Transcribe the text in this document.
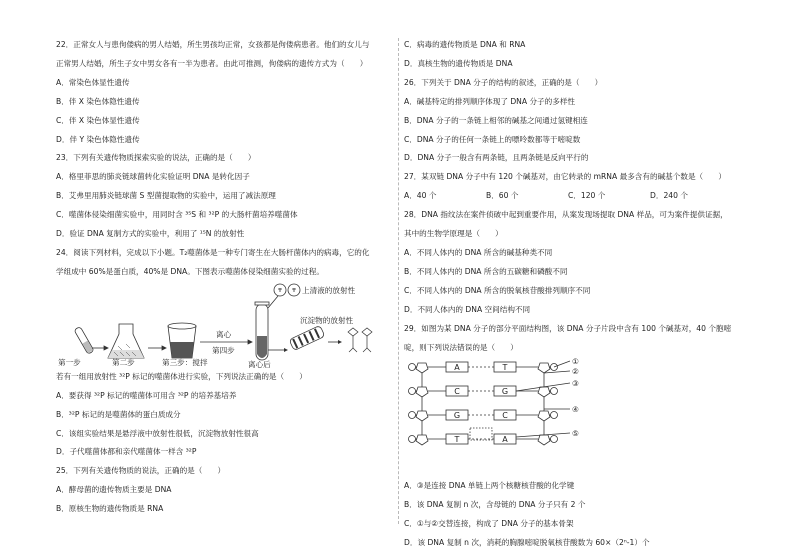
22．正常女人与患佝偻病的男人结婚，所生男孩均正常，女孩都是佝偻病患者。他们的女儿与
正常男人结婚，所生子女中男女各有一半为患者。由此可推测，佝偻病的遗传方式为（　　）
A．常染色体显性遗传
B．伴 X 染色体隐性遗传
C．伴 X 染色体显性遗传
D．伴 Y 染色体隐性遗传
23．下列有关遗传物质探索实验的说法，正确的是（　　）
A．格里菲思的肺炎链球菌转化实验证明 DNA 是转化因子
B．艾弗里用肺炎链球菌 S 型菌提取物的实验中，运用了减法原理
C．噬菌体侵染细菌实验中，用同时含 ³⁵S 和 ³²P 的大肠杆菌培养噬菌体
D．验证 DNA 复制方式的实验中，利用了 ¹⁵N 的放射性
24．阅读下列材料，完成以下小题。T₂噬菌体是一种专门寄生在大肠杆菌体内的病毒，它的化
学组成中 60%是蛋白质，40%是 DNA。下图表示噬菌体侵染细菌实验的过程。
第一步	第二步	第三步：搅拌
离心
第四步
离心后
上清液的放射性
沉淀物的放射性
若有一组用放射性 ³²P 标记的噬菌体进行实验，下列说法正确的是（　　）
A．要获得 ³²P 标记的噬菌体可用含 ³²P 的培养基培养
B．³²P 标记的是噬菌体的蛋白质成分
C．该组实验结果是悬浮液中放射性很低，沉淀物放射性很高
D．子代噬菌体都和亲代噬菌体一样含 ³²P
25．下列有关遗传物质的说法，正确的是（　　）
A．酵母菌的遗传物质主要是 DNA
B．原核生物的遗传物质是 RNA
C．病毒的遗传物质是 DNA 和 RNA
D．真核生物的遗传物质是 DNA
26．下列关于 DNA 分子的结构的叙述，正确的是（　　）
A．碱基特定的排列顺序体现了 DNA 分子的多样性
B．DNA 分子的一条链上相邻的碱基之间通过氢键相连
C．DNA 分子的任何一条链上的嘌呤数都等于嘧啶数
D．DNA 分子一般含有两条链，且两条链是反向平行的
27．某双链 DNA 分子中有 120 个碱基对，由它转录的 mRNA 最多含有的碱基个数是（　　）
A．40 个	B．60 个	C．120 个	D．240 个
28．DNA 指纹法在案件侦破中起到重要作用，从案发现场提取 DNA 样品，可为案件提供证据，
其中的生物学原理是（　　）
A．不同人体内的 DNA 所含的碱基种类不同
B．不同人体内的 DNA 所含的五碳糖和磷酸不同
C．不同人体内的 DNA 所含的脱氧核苷酸排列顺序不同
D．不同人体内的 DNA 空间结构不同
29．如图为某 DNA 分子的部分平面结构图，该 DNA 分子片段中含有 100 个碱基对，40 个胞嘧
啶，则下列说法错误的是（　　）
A
C
G
T
T
G
C
A
①
②
③
④
⑤
A．③是连接 DNA 单链上两个核糖核苷酸的化学键
B．该 DNA 复制 n 次，含母链的 DNA 分子只有 2 个
C．①与②交替连接，构成了 DNA 分子的基本骨架
D．该 DNA 复制 n 次，消耗的胸腺嘧啶脱氧核苷酸数为 60×（2ⁿ-1）个
